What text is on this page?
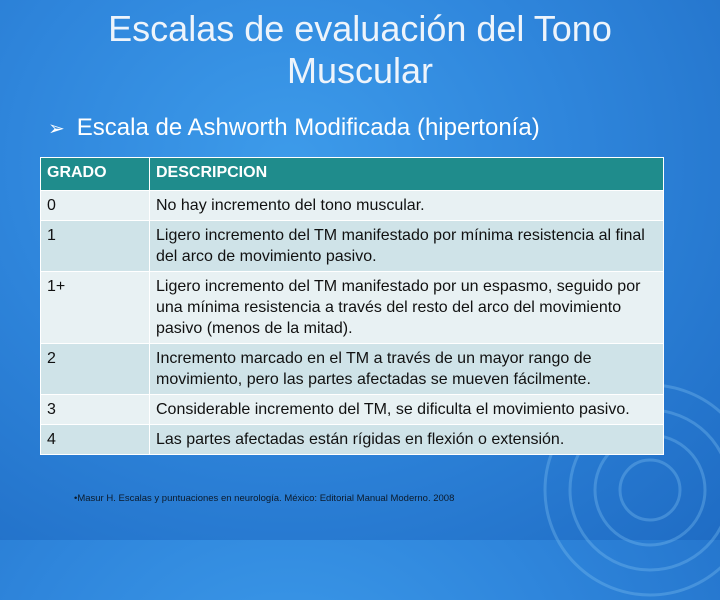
Escalas de evaluación del Tono
Muscular
➢ Escala de Ashworth Modificada (hipertonía)
GRADO	DESCRIPCION
0	No hay incremento del tono muscular.
1	Ligero incremento del TM manifestado por mínima resistencia al final del arco de movimiento pasivo.
1+	Ligero incremento del TM manifestado por un espasmo, seguido por una mínima resistencia a través del resto del arco del movimiento pasivo (menos de la mitad).
2	Incremento marcado en el TM a través de un mayor rango de movimiento, pero las partes afectadas se mueven fácilmente.
3	Considerable incremento del TM, se dificulta el movimiento pasivo.
4	Las partes afectadas están rígidas en flexión o extensión.
•Masur H. Escalas y puntuaciones en neurología. México: Editorial Manual Moderno. 2008
